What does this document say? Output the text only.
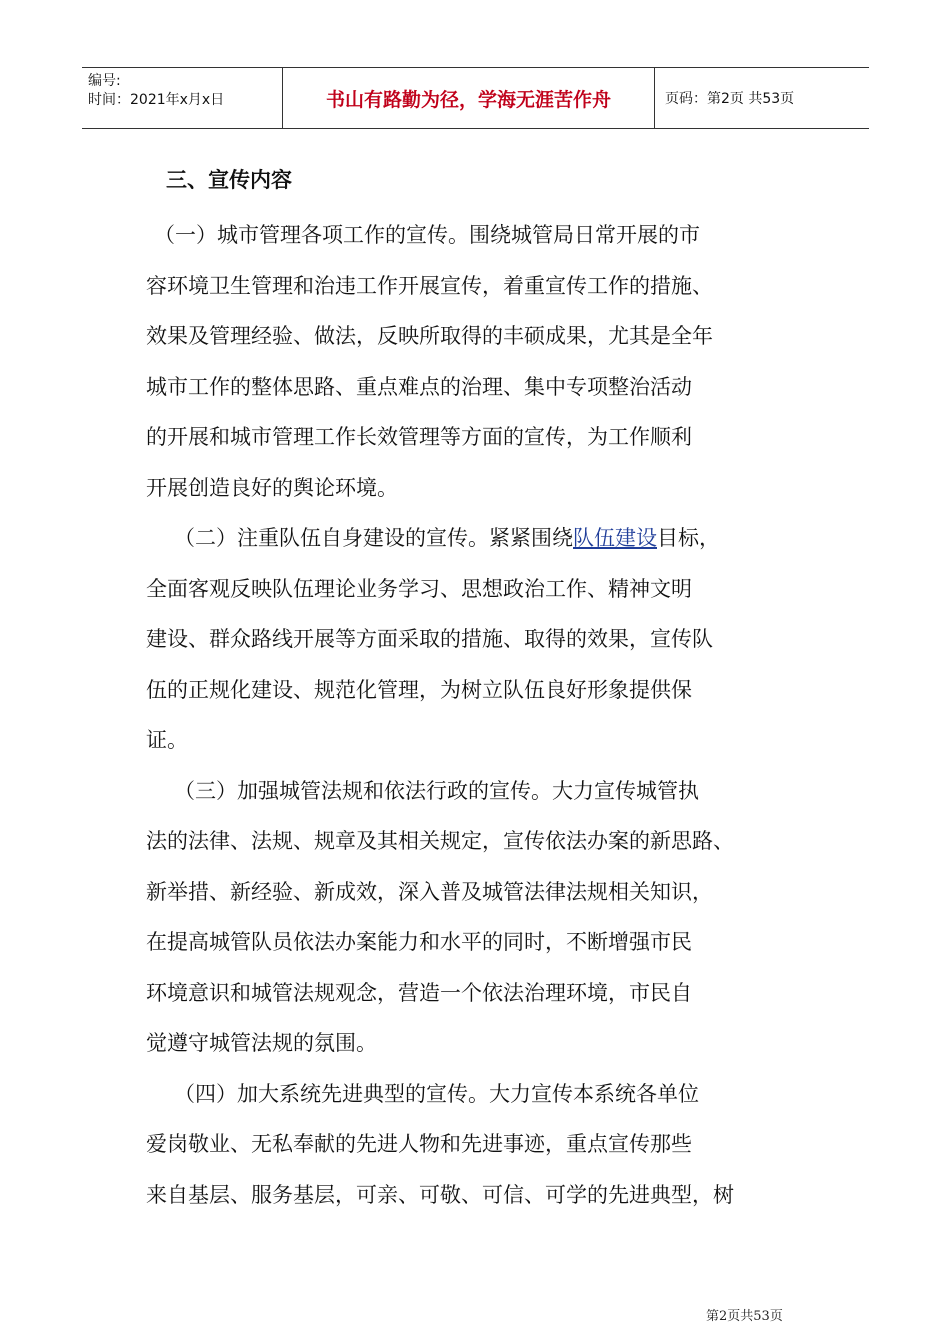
编号:
时间：2021年x月x日	书山有路勤为径，学海无涯苦作舟	页码：第2页 共53页
三、宣传内容

（一）城市管理各项工作的宣传。围绕城管局日常开展的市
容环境卫生管理和治违工作开展宣传，着重宣传工作的措施、
效果及管理经验、做法，反映所取得的丰硕成果，尤其是全年
城市工作的整体思路、重点难点的治理、集中专项整治活动
的开展和城市管理工作长效管理等方面的宣传，为工作顺利
开展创造良好的舆论环境。

（二）注重队伍自身建设的宣传。紧紧围绕队伍建设目标，
全面客观反映队伍理论业务学习、思想政治工作、精神文明
建设、群众路线开展等方面采取的措施、取得的效果，宣传队
伍的正规化建设、规范化管理，为树立队伍良好形象提供保
证。

（三）加强城管法规和依法行政的宣传。大力宣传城管执
法的法律、法规、规章及其相关规定，宣传依法办案的新思路、
新举措、新经验、新成效，深入普及城管法律法规相关知识，
在提高城管队员依法办案能力和水平的同时，不断增强市民
环境意识和城管法规观念，营造一个依法治理环境，市民自
觉遵守城管法规的氛围。

（四）加大系统先进典型的宣传。大力宣传本系统各单位
爱岗敬业、无私奉献的先进人物和先进事迹，重点宣传那些
来自基层、服务基层，可亲、可敬、可信、可学的先进典型，树

第2页共53页
